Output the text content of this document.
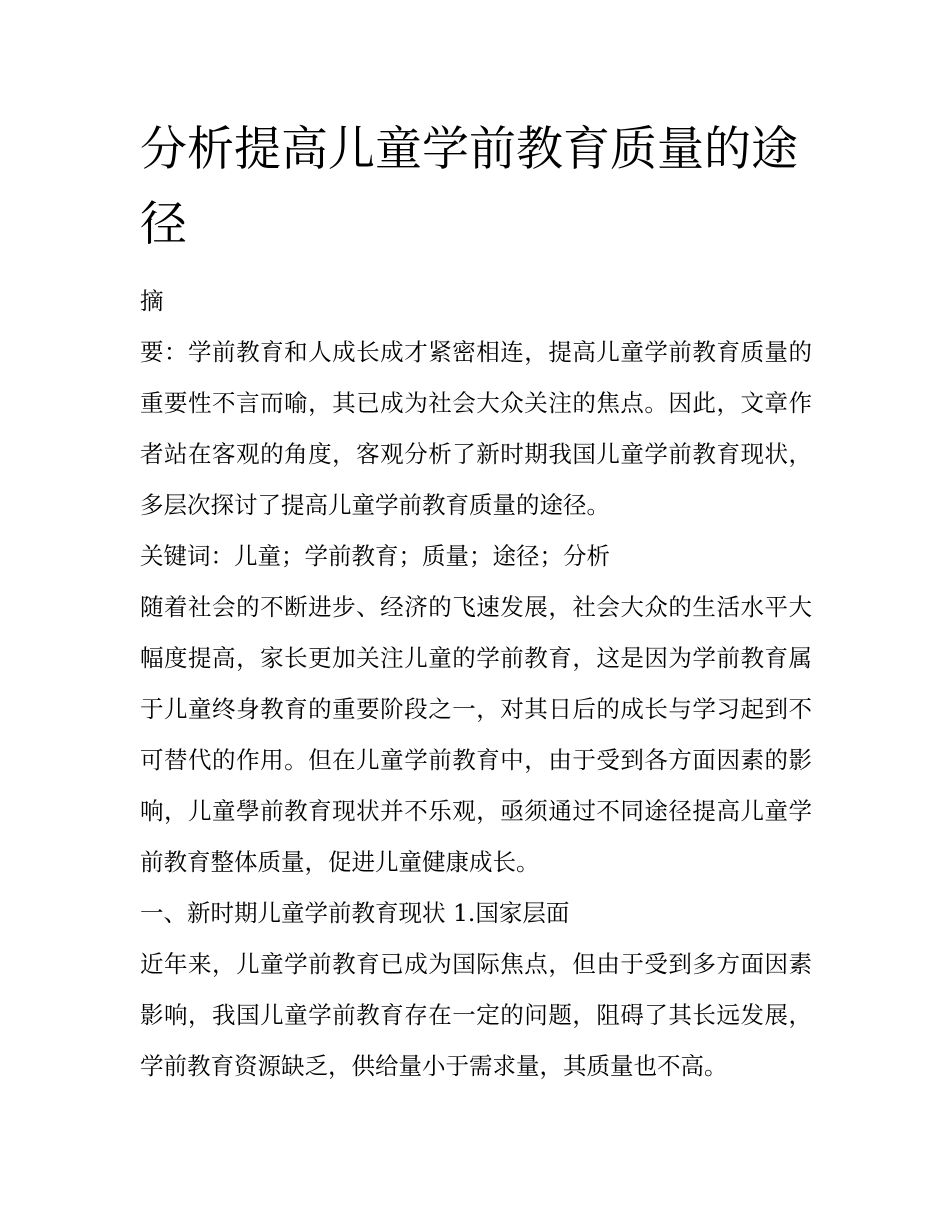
分析提高儿童学前教育质量的途径

摘

要：学前教育和人成长成才紧密相连，提高儿童学前教育质量的重要性不言而喻，其已成为社会大众关注的焦点。因此，文章作者站在客观的角度，客观分析了新时期我国儿童学前教育现状，多层次探讨了提高儿童学前教育质量的途径。

关键词：儿童；学前教育；质量；途径；分析

随着社会的不断进步、经济的飞速发展，社会大众的生活水平大幅度提高，家长更加关注儿童的学前教育，这是因为学前教育属于儿童终身教育的重要阶段之一，对其日后的成长与学习起到不可替代的作用。但在儿童学前教育中，由于受到各方面因素的影响，儿童學前教育现状并不乐观，亟须通过不同途径提高儿童学前教育整体质量，促进儿童健康成长。

一、新时期儿童学前教育现状 1.国家层面

近年来，儿童学前教育已成为国际焦点，但由于受到多方面因素影响，我国儿童学前教育存在一定的问题，阻碍了其长远发展，学前教育资源缺乏，供给量小于需求量，其质量也不高。
